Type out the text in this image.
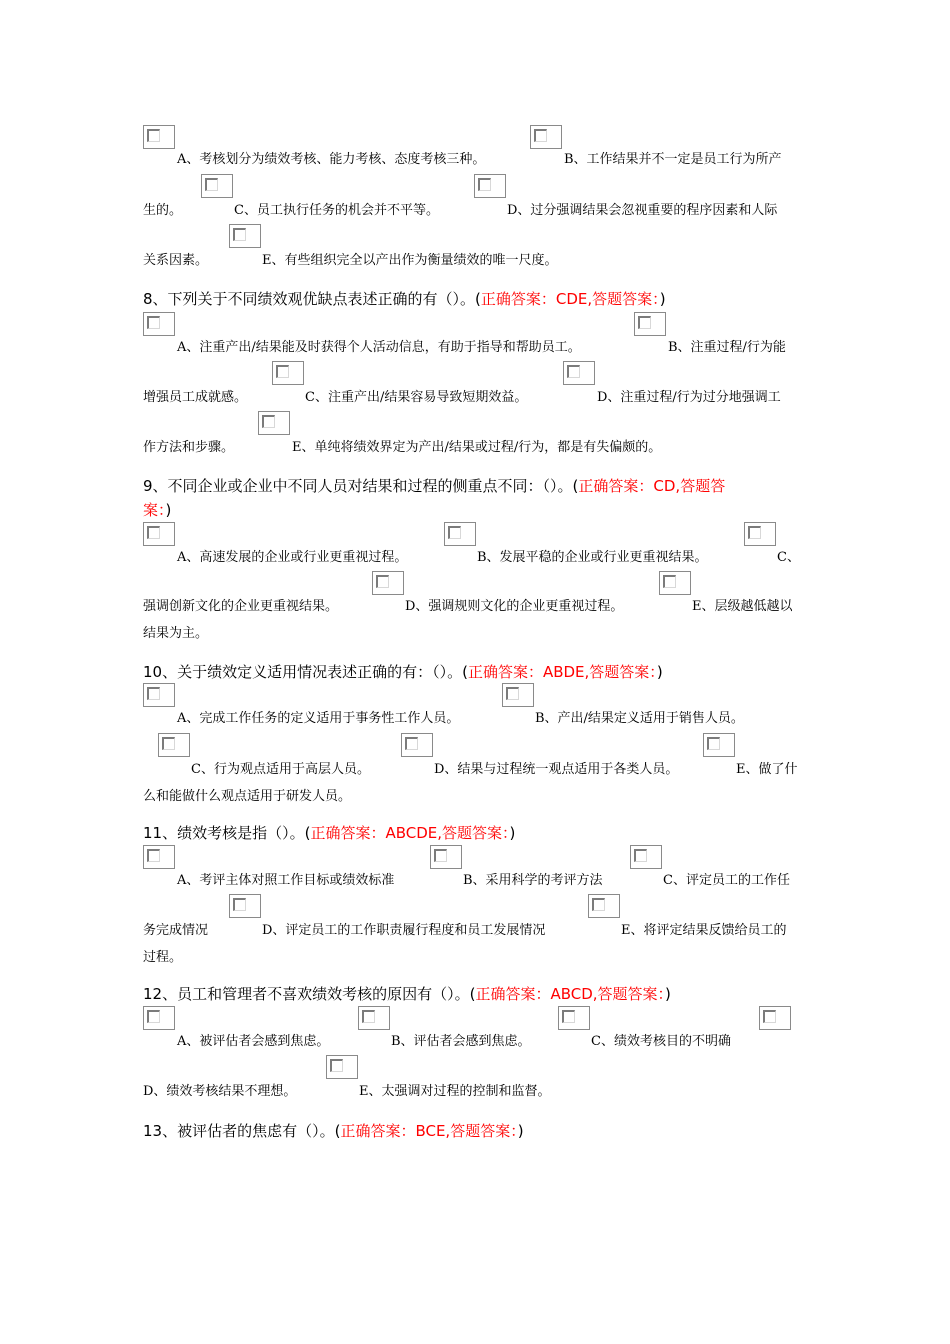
A、考核划分为绩效考核、能力考核、态度考核三种。	B、工作结果并不一定是员工行为所产
生的。	C、员工执行任务的机会并不平等。	D、过分强调结果会忽视重要的程序因素和人际
关系因素。	E、有些组织完全以产出作为衡量绩效的唯一尺度。
8、下列关于不同绩效观优缺点表述正确的有（）。(正确答案：CDE,答题答案：)
A、注重产出/结果能及时获得个人活动信息，有助于指导和帮助员工。	B、注重过程/行为能
增强员工成就感。	C、注重产出/结果容易导致短期效益。	D、注重过程/行为过分地强调工
作方法和步骤。	E、单纯将绩效界定为产出/结果或过程/行为，都是有失偏颇的。
9、不同企业或企业中不同人员对结果和过程的侧重点不同：（）。(正确答案：CD,答题答
案：)
A、高速发展的企业或行业更重视过程。	B、发展平稳的企业或行业更重视结果。	C、
强调创新文化的企业更重视结果。	D、强调规则文化的企业更重视过程。	E、层级越低越以
结果为主。
10、关于绩效定义适用情况表述正确的有：（）。(正确答案：ABDE,答题答案：)
A、完成工作任务的定义适用于事务性工作人员。	B、产出/结果定义适用于销售人员。
C、行为观点适用于高层人员。	D、结果与过程统一观点适用于各类人员。	E、做了什
么和能做什么观点适用于研发人员。
11、绩效考核是指（）。(正确答案：ABCDE,答题答案：)
A、考评主体对照工作目标或绩效标准	B、采用科学的考评方法	C、评定员工的工作任
务完成情况	D、评定员工的工作职责履行程度和员工发展情况	E、将评定结果反馈给员工的
过程。
12、员工和管理者不喜欢绩效考核的原因有（）。(正确答案：ABCD,答题答案：)
A、被评估者会感到焦虑。	B、评估者会感到焦虑。	C、绩效考核目的不明确
D、绩效考核结果不理想。	E、太强调对过程的控制和监督。
13、被评估者的焦虑有（）。(正确答案：BCE,答题答案：)
